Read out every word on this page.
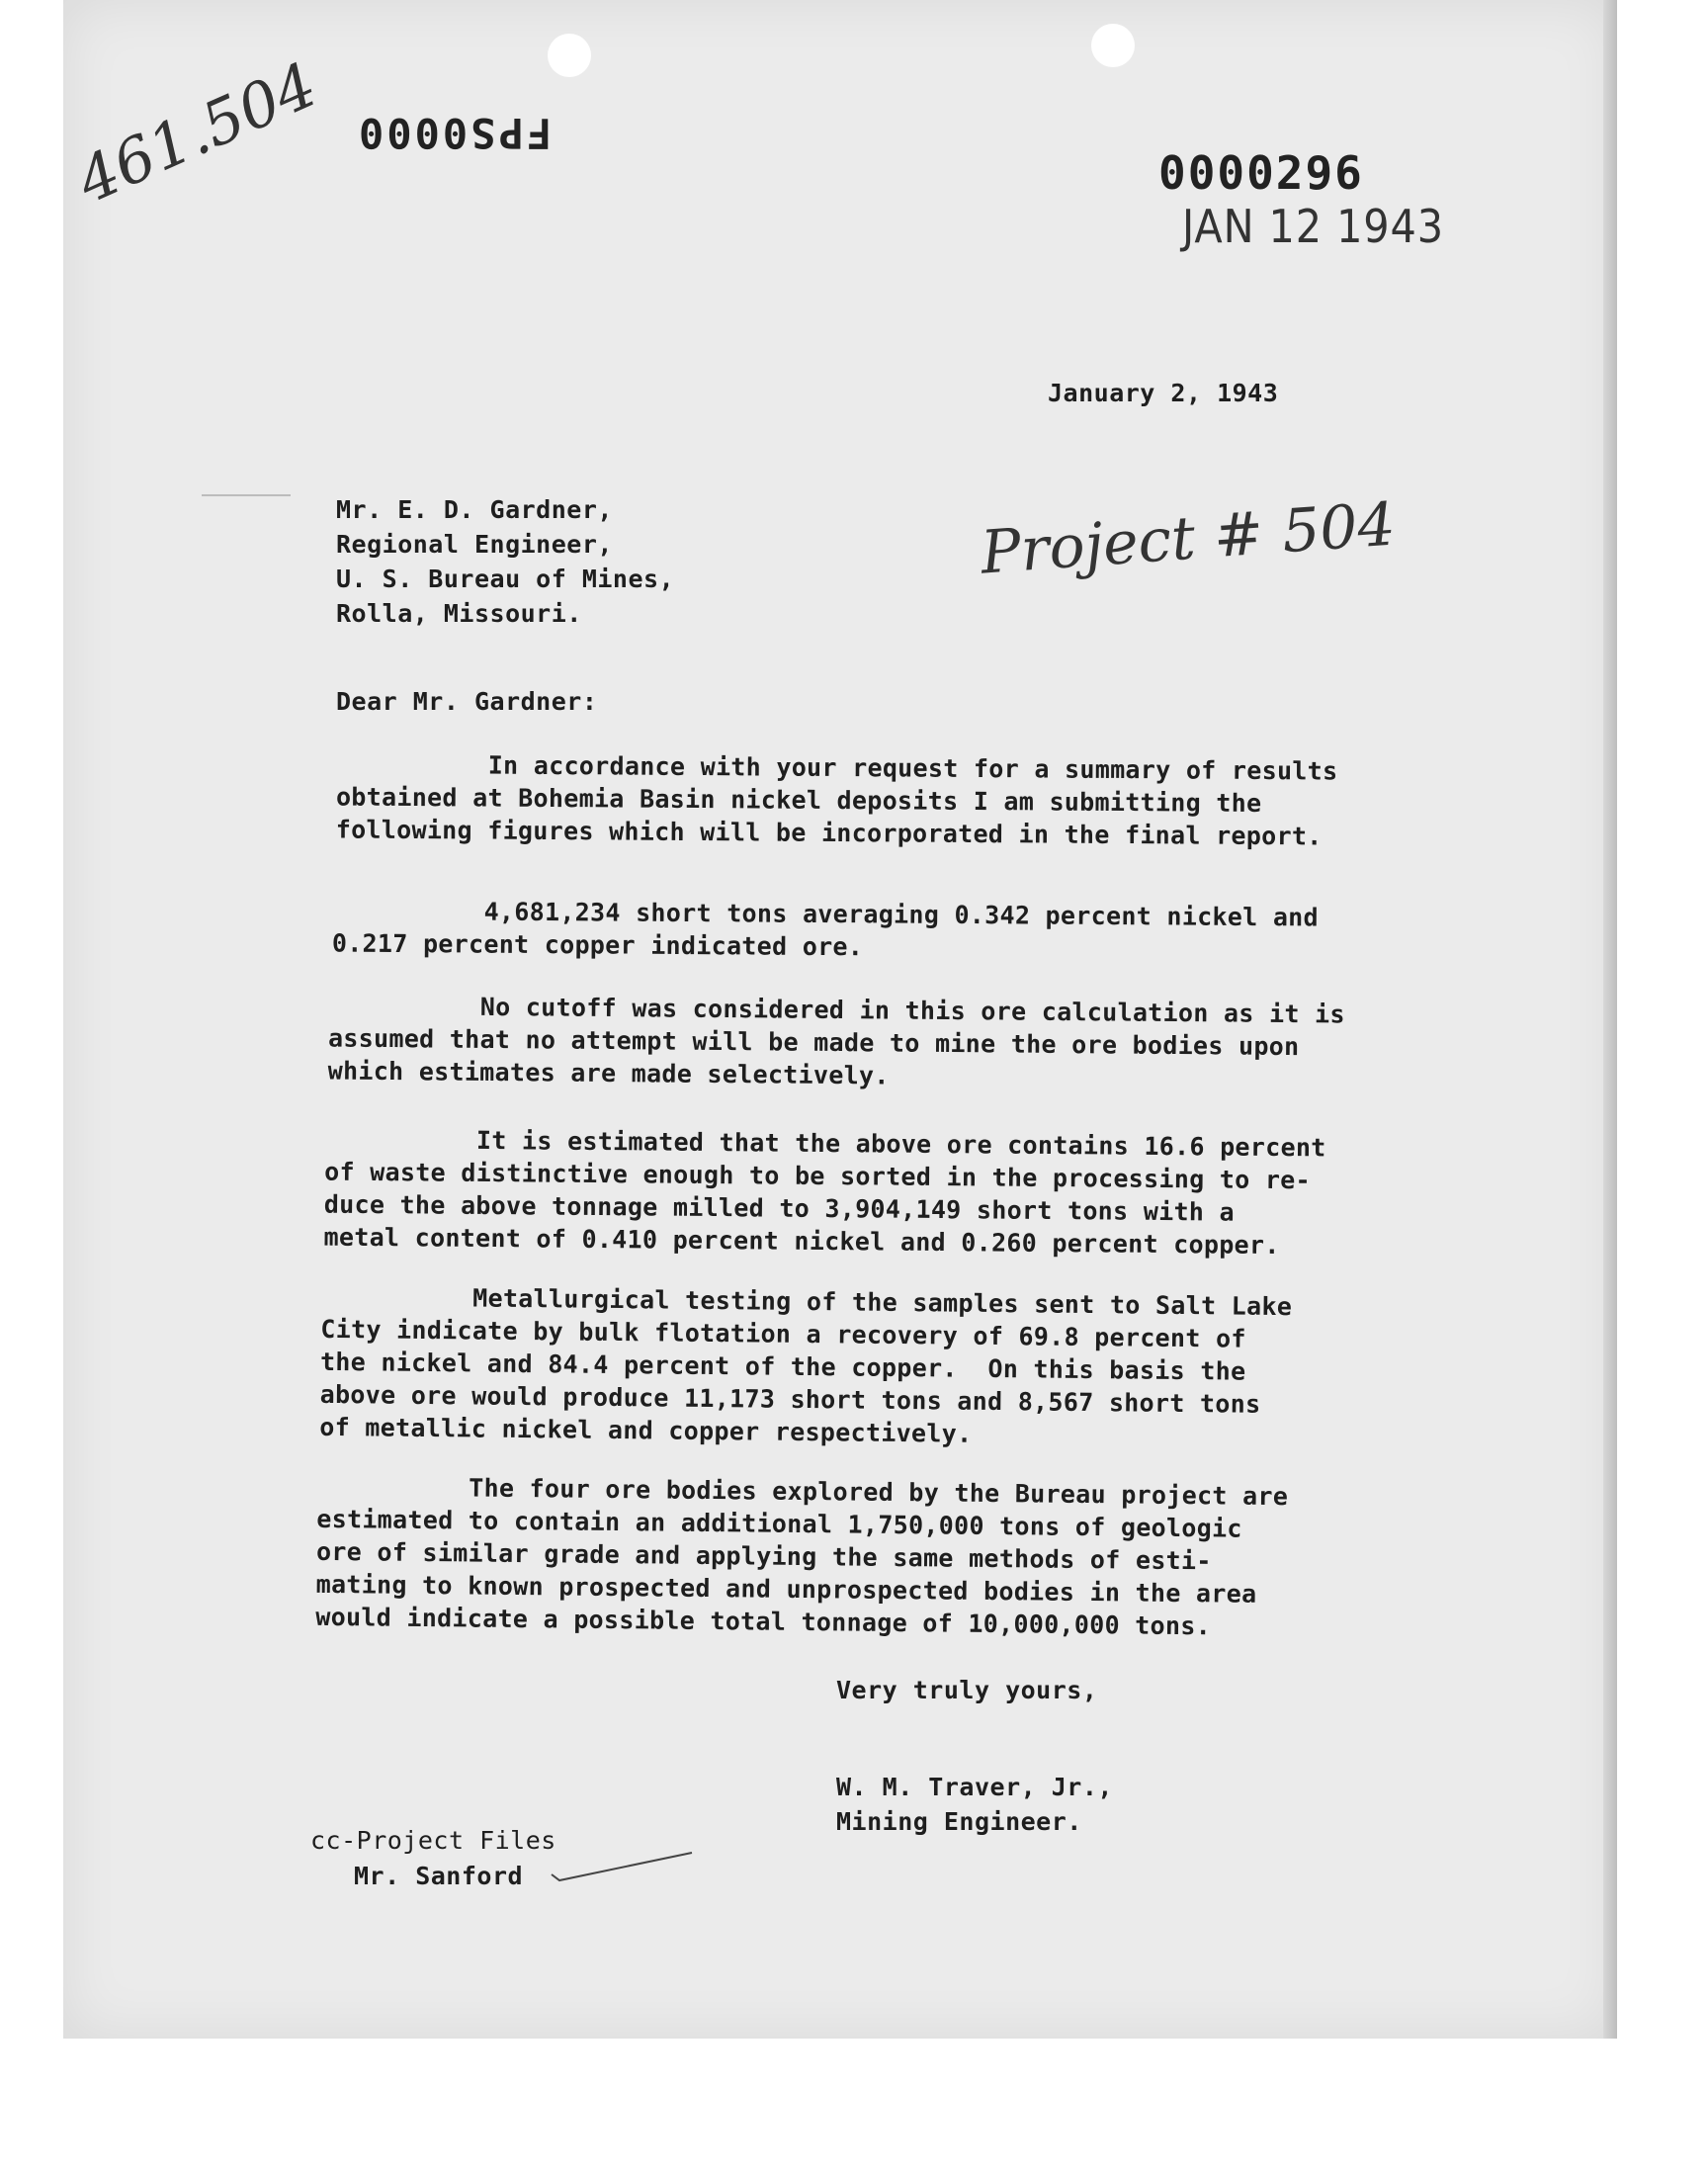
FPS0000
0000296
JAN 12 1943
461.504
Project # 504
January 2, 1943
Mr. E. D. Gardner,
Regional Engineer,
U. S. Bureau of Mines,
Rolla, Missouri.
Dear Mr. Gardner:
In accordance with your request for a summary of results
obtained at Bohemia Basin nickel deposits I am submitting the
following figures which will be incorporated in the final report.
4,681,234 short tons averaging 0.342 percent nickel and
0.217 percent copper indicated ore.
No cutoff was considered in this ore calculation as it is
assumed that no attempt will be made to mine the ore bodies upon
which estimates are made selectively.
It is estimated that the above ore contains 16.6 percent
of waste distinctive enough to be sorted in the processing to re-
duce the above tonnage milled to 3,904,149 short tons with a
metal content of 0.410 percent nickel and 0.260 percent copper.
Metallurgical testing of the samples sent to Salt Lake
City indicate by bulk flotation a recovery of 69.8 percent of
the nickel and 84.4 percent of the copper.  On this basis the
above ore would produce 11,173 short tons and 8,567 short tons
of metallic nickel and copper respectively.
The four ore bodies explored by the Bureau project are
estimated to contain an additional 1,750,000 tons of geologic
ore of similar grade and applying the same methods of esti-
mating to known prospected and unprospected bodies in the area
would indicate a possible total tonnage of 10,000,000 tons.
Very truly yours,
W. M. Traver, Jr.,
Mining Engineer.
cc-Project Files
Mr. Sanford
